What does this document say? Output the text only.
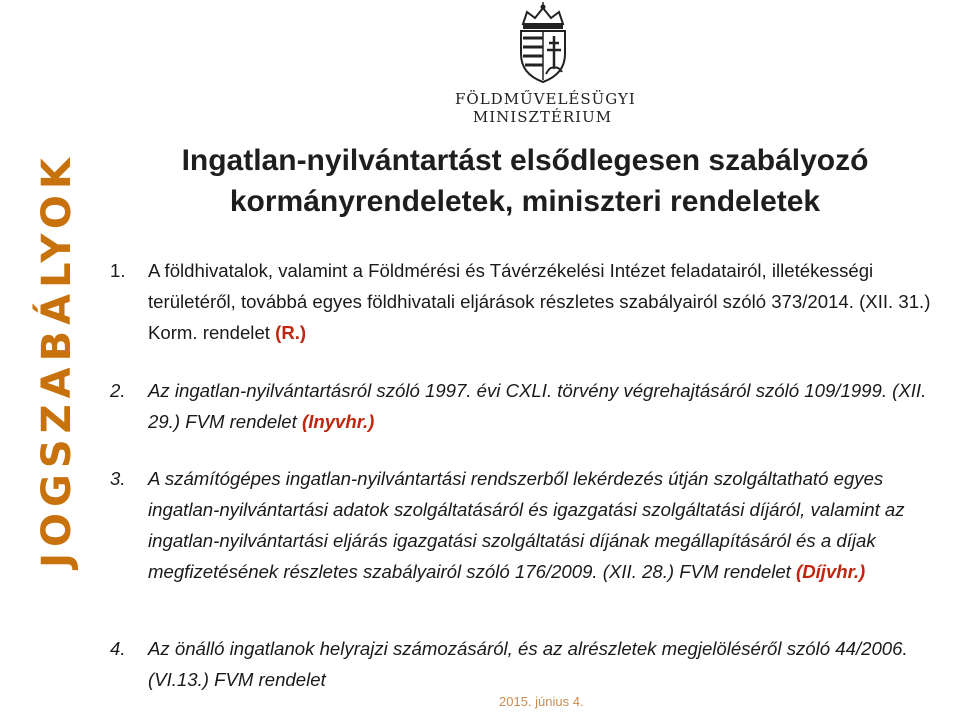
JOGSZABÁLYOK
FÖLDMŰVELÉSÜGYI
MINISZTÉRIUM
Ingatlan-nyilvántartást elsődlegesen szabályozó
kormányrendeletek, miniszteri rendeletek
1.	A földhivatalok, valamint a Földmérési és Távérzékelési Intézet feladatairól, illetékességi területéről, továbbá egyes földhivatali eljárások részletes szabályairól szóló 373/2014. (XII. 31.) Korm. rendelet (R.)
2.	Az ingatlan-nyilvántartásról szóló 1997. évi CXLI. törvény végrehajtásáról szóló 109/1999. (XII. 29.) FVM rendelet (Inyvhr.)
3.	A számítógépes ingatlan-nyilvántartási rendszerből lekérdezés útján szolgáltatható egyes ingatlan-nyilvántartási adatok szolgáltatásáról és igazgatási szolgáltatási díjáról, valamint az ingatlan-nyilvántartási eljárás igazgatási szolgáltatási díjának megállapításáról és a díjak megfizetésének részletes szabályairól szóló 176/2009. (XII. 28.) FVM rendelet (Díjvhr.)
4.	Az önálló ingatlanok helyrajzi számozásáról, és az alrészletek megjelöléséről szóló 44/2006. (VI.13.) FVM rendelet
2015. június 4.
